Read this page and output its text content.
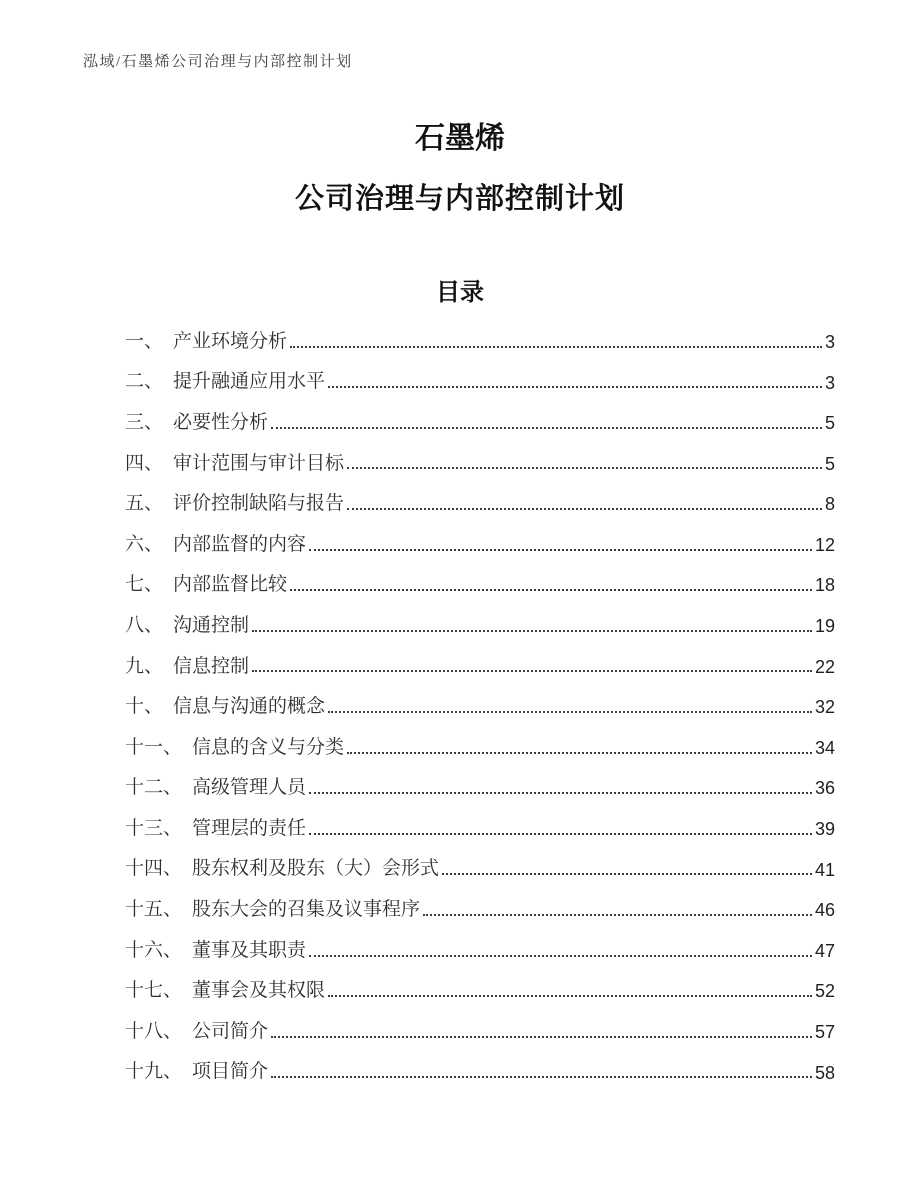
泓域/石墨烯公司治理与内部控制计划
石墨烯
公司治理与内部控制计划
目录
一、 产业环境分析	3
二、 提升融通应用水平	3
三、 必要性分析	5
四、 审计范围与审计目标	5
五、 评价控制缺陷与报告	8
六、 内部监督的内容	12
七、 内部监督比较	18
八、 沟通控制	19
九、 信息控制	22
十、 信息与沟通的概念	32
十一、 信息的含义与分类	34
十二、 高级管理人员	36
十三、 管理层的责任	39
十四、 股东权利及股东（大）会形式	41
十五、 股东大会的召集及议事程序	46
十六、 董事及其职责	47
十七、 董事会及其权限	52
十八、 公司简介	57
十九、 项目简介	58
